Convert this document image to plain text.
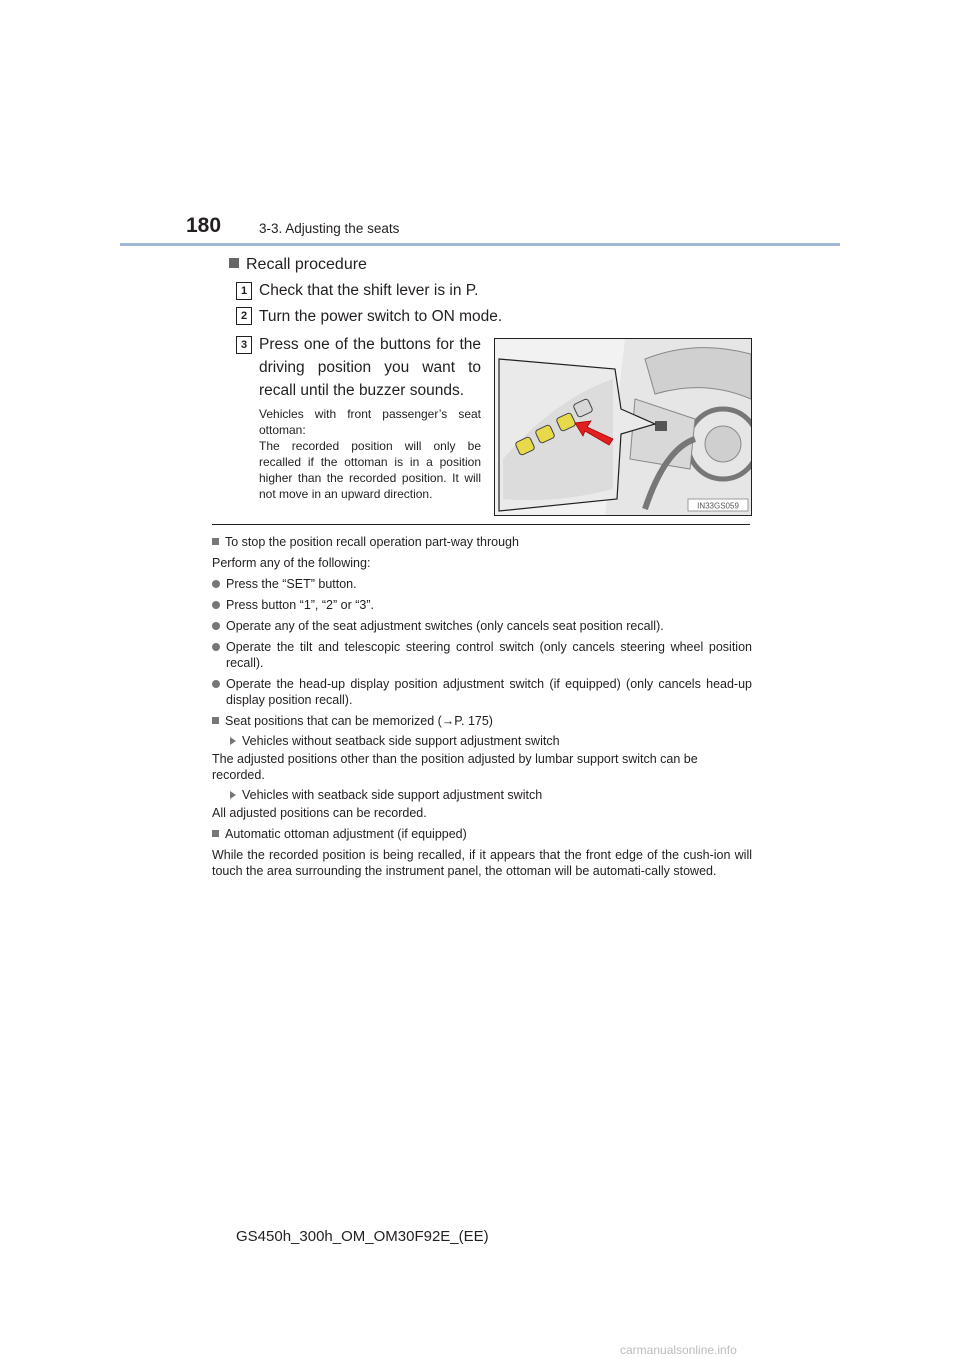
180	3-3. Adjusting the seats
Recall procedure
1 Check that the shift lever is in P.
2 Turn the power switch to ON mode.
3 Press one of the buttons for the driving position you want to recall until the buzzer sounds.
Vehicles with front passenger’s seat ottoman:
The recorded position will only be recalled if the ottoman is in a position higher than the recorded position. It will not move in an upward direction.
IN33GS059

To stop the position recall operation part-way through

Perform any of the following:

Press the “SET” button.

Press button “1”, “2” or “3”.

Operate any of the seat adjustment switches (only cancels seat position recall).

Operate the tilt and telescopic steering control switch (only cancels steering wheel position recall).

Operate the head-up display position adjustment switch (if equipped) (only cancels head-up display position recall).

Seat positions that can be memorized (→P. 175)

Vehicles without seatback side support adjustment switch

The adjusted positions other than the position adjusted by lumbar support switch can be recorded.

Vehicles with seatback side support adjustment switch

All adjusted positions can be recorded.

Automatic ottoman adjustment (if equipped)

While the recorded position is being recalled, if it appears that the front edge of the cush-ion will touch the area surrounding the instrument panel, the ottoman will be automati-cally stowed.

GS450h_300h_OM_OM30F92E_(EE)
carmanualsonline.info
